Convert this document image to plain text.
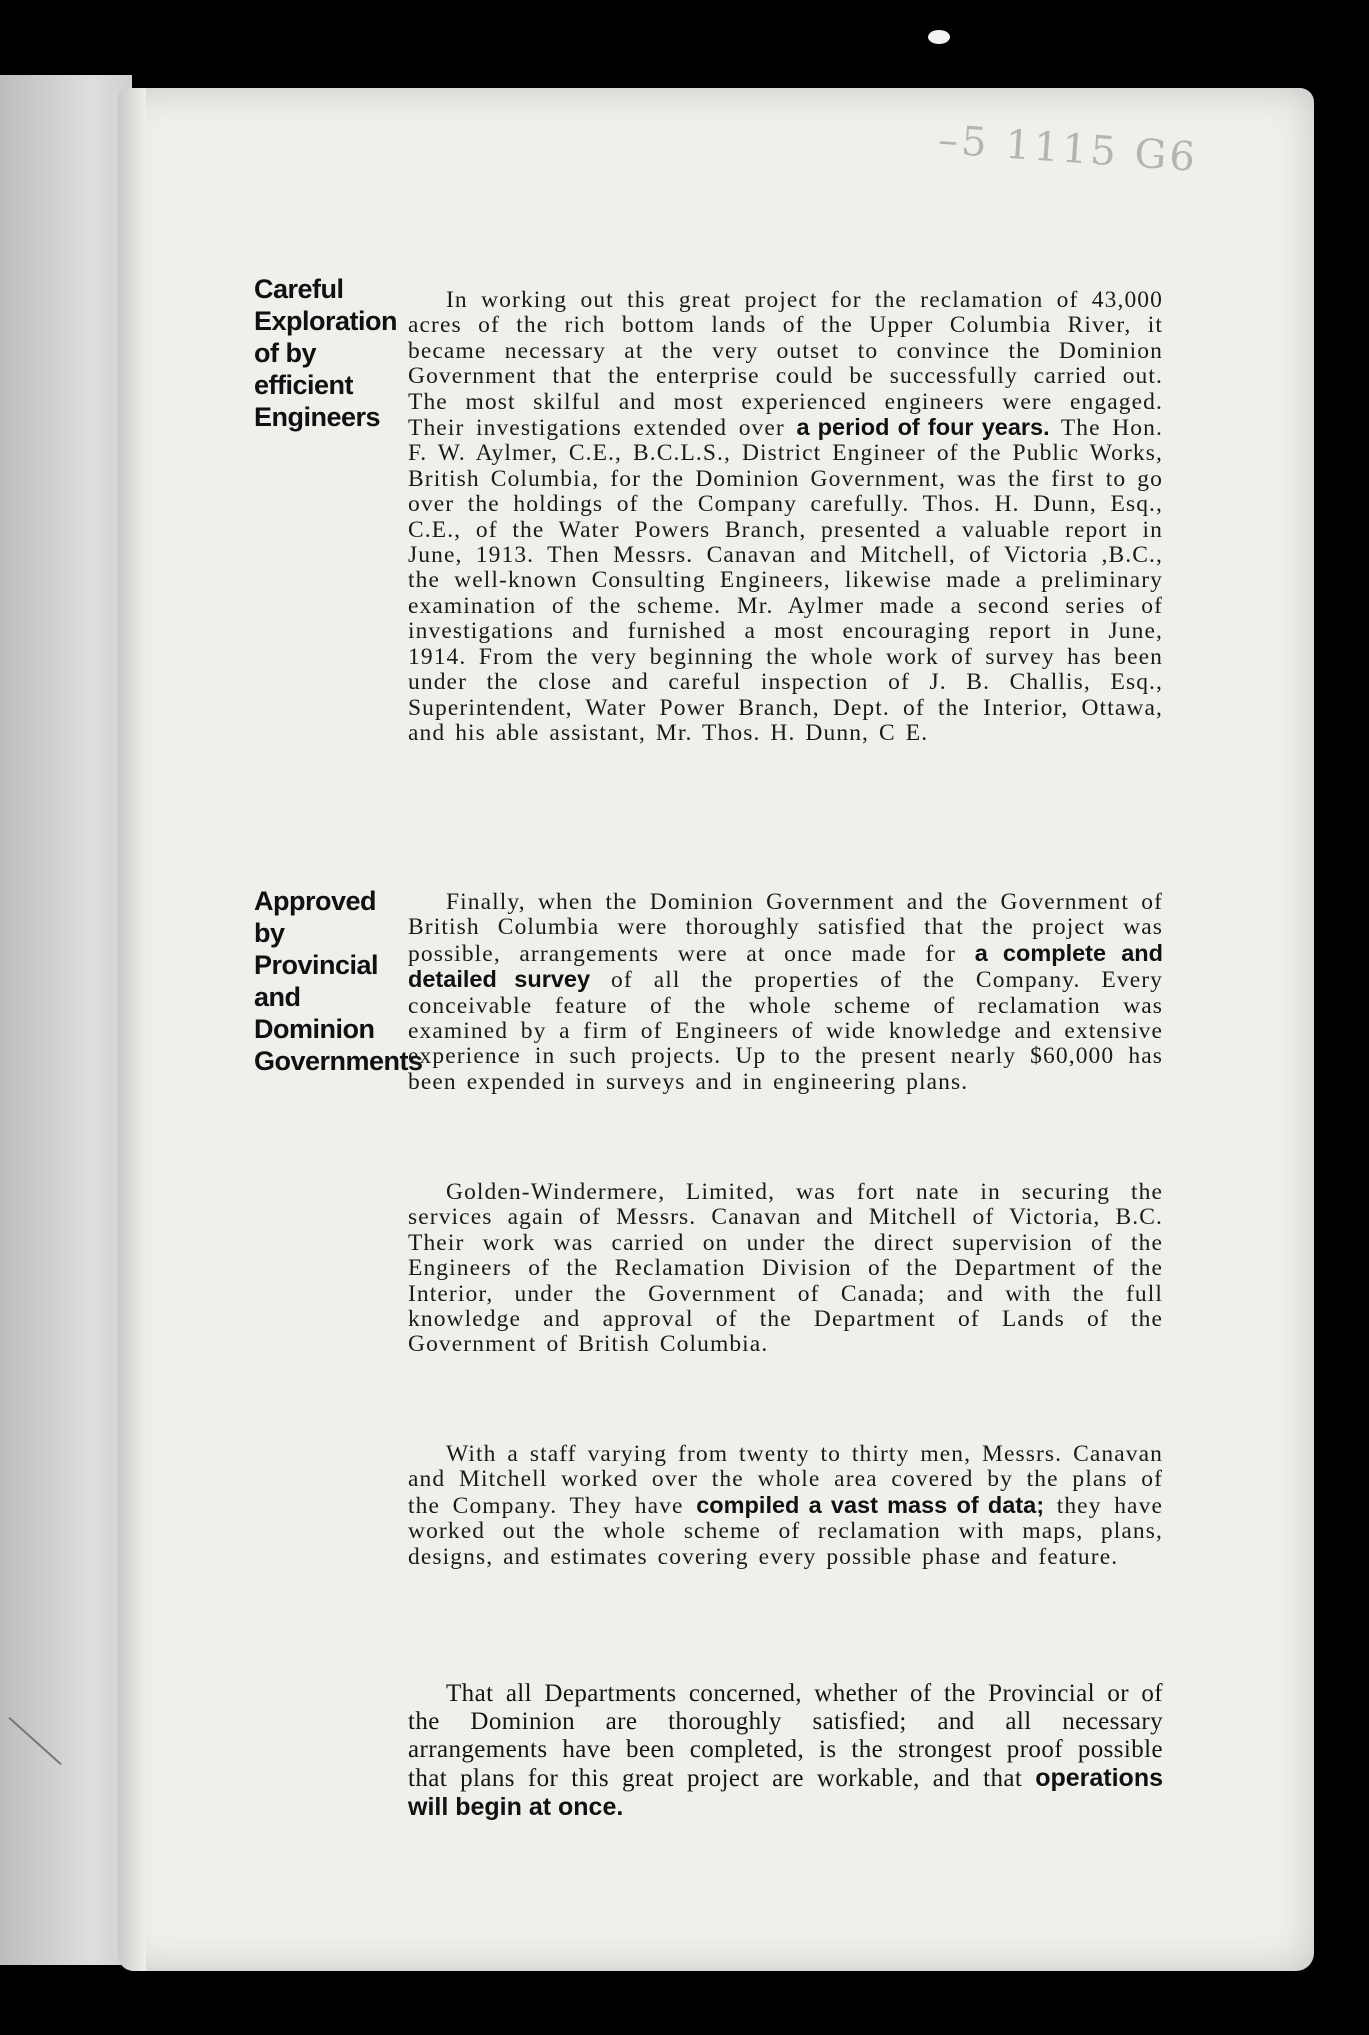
–5 1115 G6
Careful Exploration of by efficient Engineers
Approved by Provincial and Dominion Governments

In working out this great project for the reclamation of 43,000 acres of the rich bottom lands of the Upper Columbia River, it became necessary at the very outset to convince the Dominion Government that the enterprise could be successfully carried out. The most skilful and most experienced engineers were engaged. Their investigations extended over a period of four years. The Hon. F. W. Aylmer, C.E., B.C.L.S., District Engineer of the Public Works, British Columbia, for the Dominion Government, was the first to go over the holdings of the Company carefully. Thos. H. Dunn, Esq., C.E., of the Water Powers Branch, presented a valuable report in June, 1913. Then Messrs. Canavan and Mitchell, of Victoria ,B.C., the well-known Consulting Engineers, likewise made a preliminary examination of the scheme. Mr. Aylmer made a second series of investigations and furnished a most encouraging report in June, 1914. From the very beginning the whole work of survey has been under the close and careful inspection of J. B. Challis, Esq., Superintendent, Water Power Branch, Dept. of the Interior, Ottawa, and his able assistant, Mr. Thos. H. Dunn, C E.

Finally, when the Dominion Government and the Government of British Columbia were thoroughly satisfied that the project was possible, arrangements were at once made for a complete and detailed survey of all the properties of the Company. Every conceivable feature of the whole scheme of reclamation was examined by a firm of Engineers of wide knowledge and extensive experience in such projects. Up to the present nearly $60,000 has been expended in surveys and in engineering plans.

Golden-Windermere, Limited, was fort nate in securing the services again of Messrs. Canavan and Mitchell of Victoria, B.C. Their work was carried on under the direct supervision of the Engineers of the Reclamation Division of the Department of the Interior, under the Government of Canada; and with the full knowledge and approval of the Department of Lands of the Government of British Columbia.

With a staff varying from twenty to thirty men, Messrs. Canavan and Mitchell worked over the whole area covered by the plans of the Company. They have compiled a vast mass of data; they have worked out the whole scheme of reclamation with maps, plans, designs, and estimates covering every possible phase and feature.

That all Departments concerned, whether of the Provincial or of the Dominion are thoroughly satisfied; and all necessary arrangements have been completed, is the strongest proof possible that plans for this great project are workable, and that operations will begin at once.
